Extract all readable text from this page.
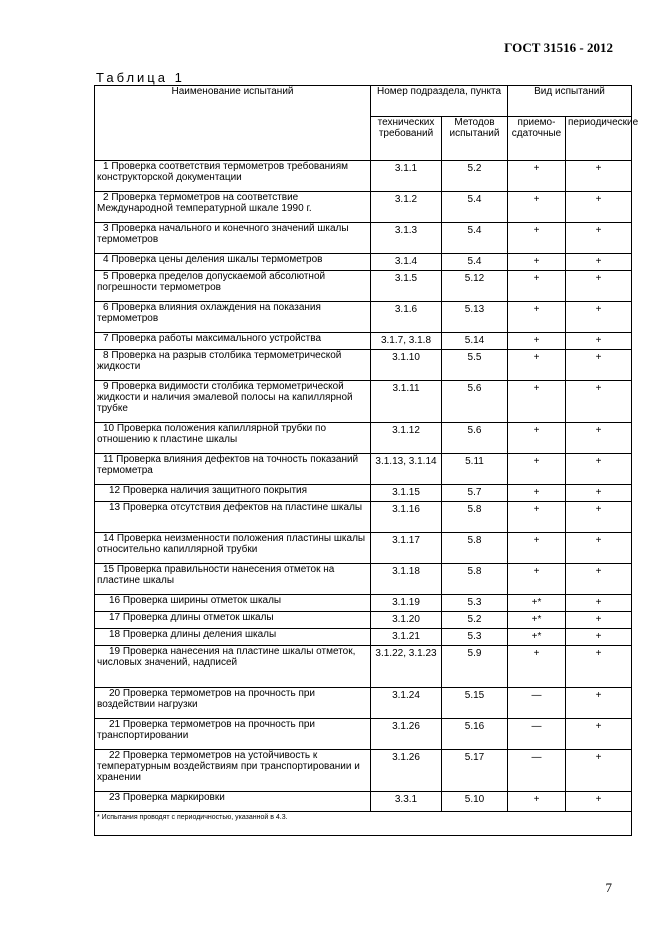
ГОСТ 31516 - 2012
Таблица 1
Наименование испытаний	Номер подраздела, пункта		Вид испытаний	
	технических требований	Методов испытаний	приемо-сдаточные	периодические
1 Проверка соответствия термометров требованиям конструкторской документации	3.1.1	5.2	+	+
2 Проверка термометров на соответствие Международной температурной шкале 1990 г.	3.1.2	5.4	+	+
3 Проверка начального и конечного значений шкалы термометров	3.1.3	5.4	+	+
4 Проверка цены деления шкалы термометров	3.1.4	5.4	+	+
5 Проверка пределов допускаемой абсолютной погрешности термометров	3.1.5	5.12	+	+
6 Проверка влияния охлаждения на показания термометров	3.1.6	5.13	+	+
7 Проверка работы максимального устройства	3.1.7, 3.1.8	5.14	+	+
8 Проверка на разрыв столбика термометрической жидкости	3.1.10	5.5	+	+
9 Проверка видимости столбика термометрической жидкости и наличия эмалевой полосы на капиллярной трубке	3.1.11	5.6	+	+
10 Проверка положения капиллярной трубки по отношению к пластине шкалы	3.1.12	5.6	+	+
11 Проверка влияния дефектов на точность показаний термометра	3.1.13, 3.1.14	5.11	+	+
12 Проверка наличия защитного покрытия	3.1.15	5.7	+	+
13 Проверка отсутствия дефектов на пластине шкалы	3.1.16	5.8	+	+
14 Проверка неизменности положения пластины шкалы относительно капиллярной трубки	3.1.17	5.8	+	+
15 Проверка правильности нанесения отметок на пластине шкалы	3.1.18	5.8	+	+
16 Проверка ширины отметок шкалы	3.1.19	5.3	+*	+
17 Проверка длины отметок шкалы	3.1.20	5.2	+*	+
18 Проверка длины деления шкалы	3.1.21	5.3	+*	+
19 Проверка нанесения на пластине шкалы отметок, числовых значений, надписей	3.1.22, 3.1.23	5.9	+	+
20 Проверка термометров на прочность при воздействии нагрузки	3.1.24	5.15	—	+
21 Проверка термометров на прочность при транспортировании	3.1.26	5.16	—	+
22 Проверка термометров на устойчивость к температурным воздействиям при транспортировании и хранении	3.1.26	5.17	—	+
23 Проверка маркировки	3.3.1	5.10	+	+
* Испытания проводят с периодичностью, указанной в 4.3.				
7
